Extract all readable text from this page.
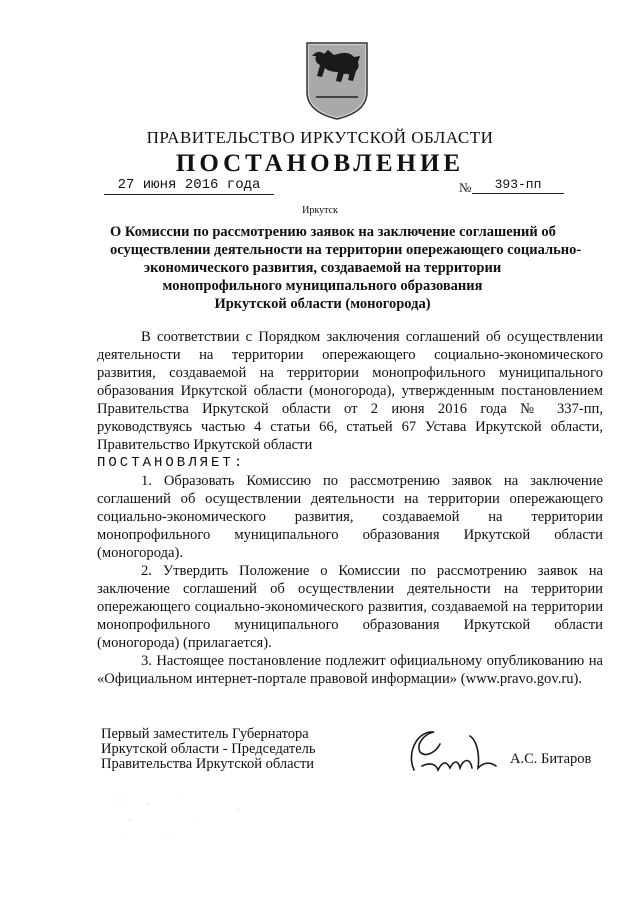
ПРАВИТЕЛЬСТВО ИРКУТСКОЙ ОБЛАСТИ
ПОСТАНОВЛЕНИЕ
27 июня 2016 года	№	393-пп
Иркутск
О Комиссии по рассмотрению заявок на заключение соглашений об
осуществлении деятельности на территории опережающего социально-
экономического развития, создаваемой на территории
монопрофильного муниципального образования
Иркутской области (моногорода)

В соответствии с Порядком заключения соглашений об осуществлении деятельности на территории опережающего социально-экономического развития, создаваемой на территории монопрофильного муниципального образования Иркутской области (моногорода), утвержденным постановлением Правительства Иркутской области от 2 июня 2016 года № 337-пп, руководствуясь частью 4 статьи 66, статьей 67 Устава Иркутской области, Правительство Иркутской области

ПОСТАНОВЛЯЕТ:

1. Образовать Комиссию по рассмотрению заявок на заключение соглашений об осуществлении деятельности на территории опережающего социально-экономического развития, создаваемой на территории монопрофильного муниципального образования Иркутской области (моногорода).

2. Утвердить Положение о Комиссии по рассмотрению заявок на заключение соглашений об осуществлении деятельности на территории опережающего социально-экономического развития, создаваемой на территории монопрофильного муниципального образования Иркутской области (моногорода) (прилагается).

3. Настоящее постановление подлежит официальному опубликованию на «Официальном интернет-портале правовой информации» (www.pravo.gov.ru).

Первый заместитель Губернатора
Иркутской области - Председатель
Правительства Иркутской области	А.С. Битаров
